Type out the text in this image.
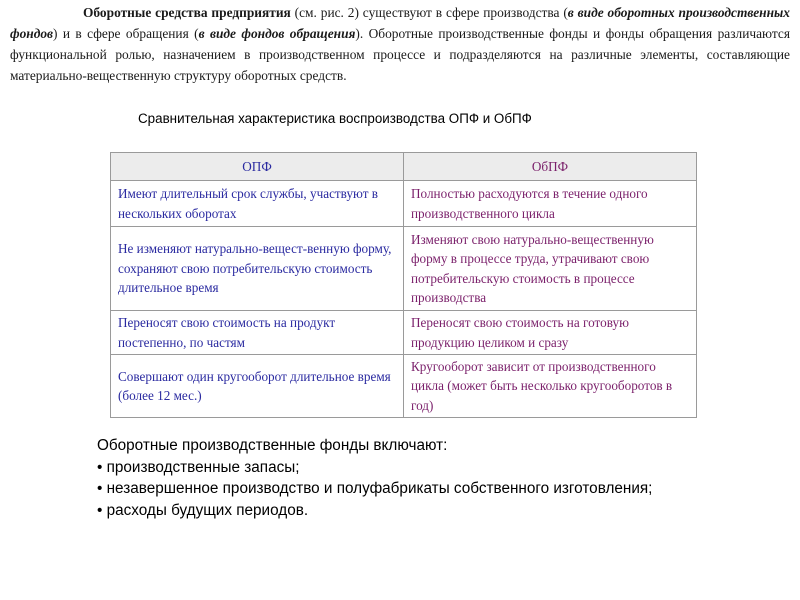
Оборотные средства предприятия (см. рис. 2) существуют в сфере производства (в виде оборотных производственных фондов) и в сфере обращения (в виде фондов обращения). Оборотные производственные фонды и фонды обращения различаются функциональной ролью, назначением в производственном процессе и подразделяются на различные элементы, составляющие материально-вещественную структуру оборотных средств.
Сравнительная характеристика воспроизводства ОПФ и ОбПФ
ОПФ	ОбПФ
Имеют длительный срок службы, участвуют в нескольких оборотах	Полностью расходуются в течение одного производственного цикла
Не изменяют натурально-вещест-венную форму, сохраняют свою потребительскую стоимость длительное время	Изменяют свою натурально-вещественную форму в процессе труда, утрачивают свою потребительскую стоимость в процессе производства
Переносят свою стоимость на продукт постепенно, по частям	Переносят свою стоимость на готовую продукцию целиком и сразу
Совершают один кругооборот длительное время (более 12 мес.)	Кругооборот зависит от производственного цикла (может быть несколько кругооборотов в год)
Оборотные производственные фонды включают:
• производственные запасы;
• незавершенное производство и полуфабрикаты собственного изготовления;
• расходы будущих периодов.
